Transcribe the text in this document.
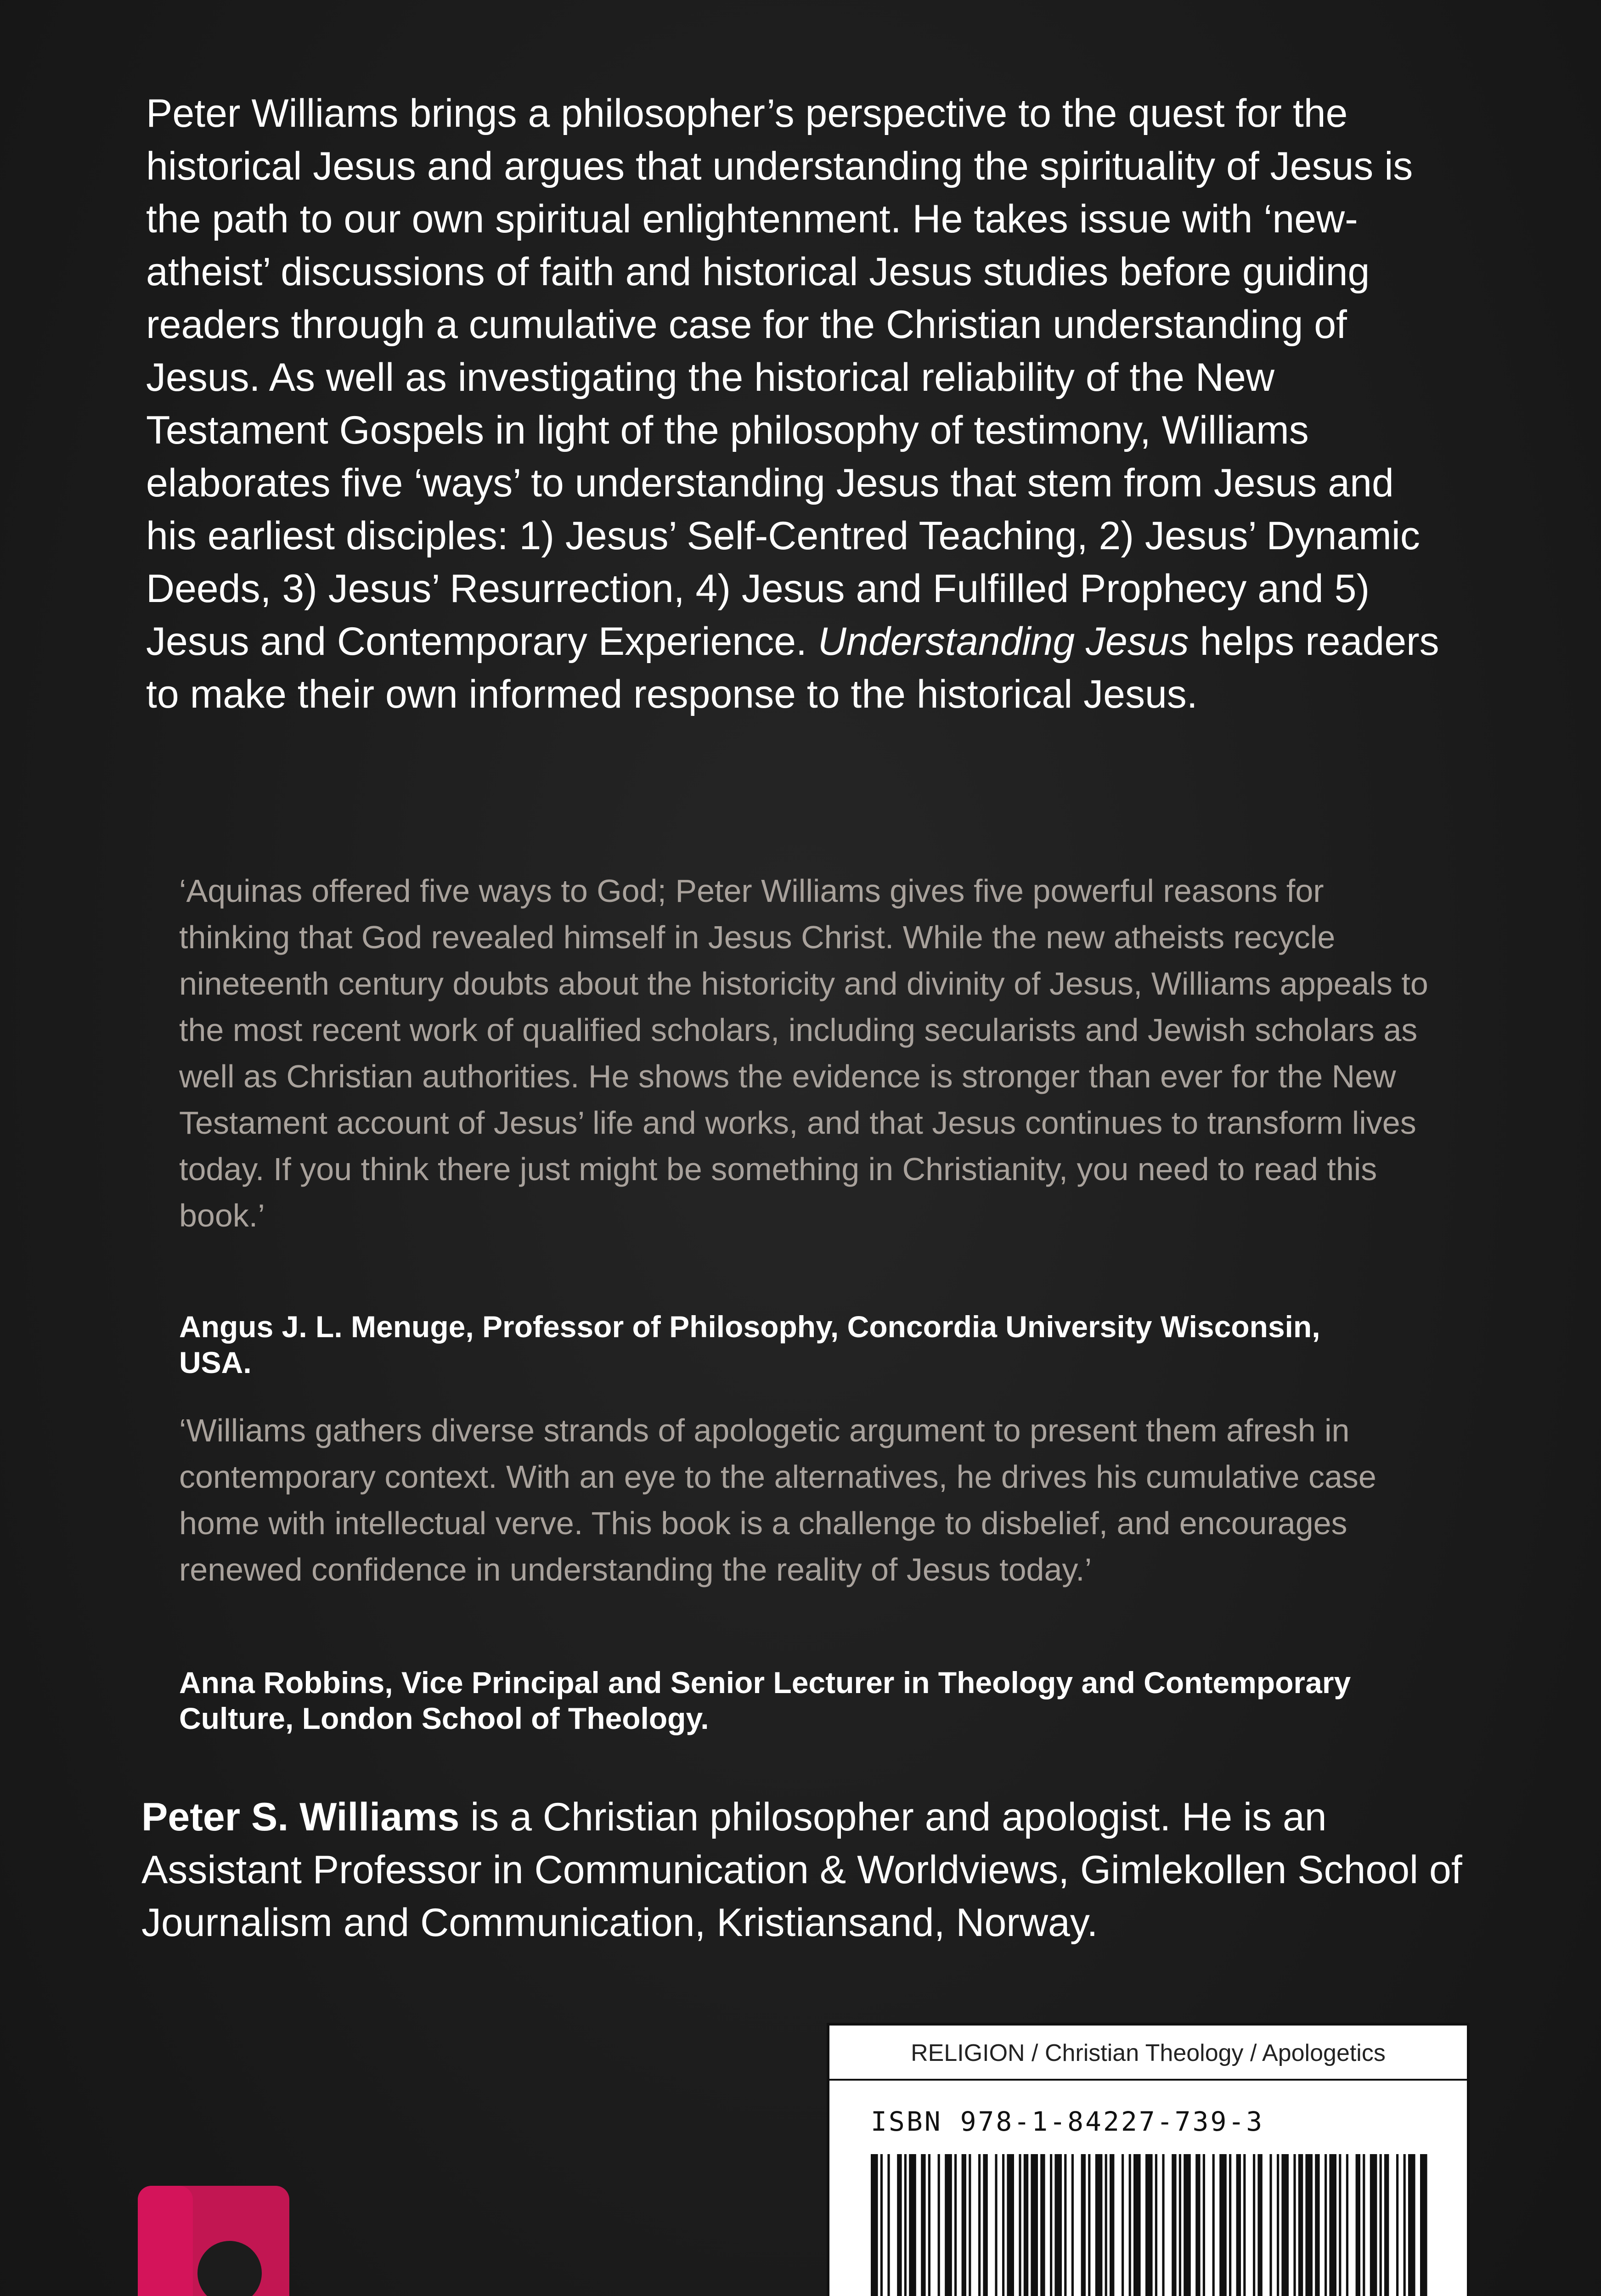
Peter Williams brings a philosopher’s perspective to the quest for the historical Jesus and argues that understanding the spirituality of Jesus is the path to our own spiritual enlightenment. He takes issue with ‘new-atheist’ discussions of faith and historical Jesus studies before guiding readers through a cumulative case for the Christian understanding of Jesus. As well as investigating the historical reliability of the New Testament Gospels in light of the philosophy of testimony, Williams elaborates five ‘ways’ to understanding Jesus that stem from Jesus and his earliest disciples: 1) Jesus’ Self-Centred Teaching, 2) Jesus’ Dynamic Deeds, 3) Jesus’ Resurrection, 4) Jesus and Fulfilled Prophecy and 5) Jesus and Contemporary Experience. Understanding Jesus helps readers to make their own informed response to the historical Jesus.

‘Aquinas offered five ways to God; Peter Williams gives five powerful reasons for thinking that God revealed himself in Jesus Christ. While the new atheists recycle nineteenth century doubts about the historicity and divinity of Jesus, Williams appeals to the most recent work of qualified scholars, including secularists and Jewish scholars as well as Christian authorities. He shows the evidence is stronger than ever for the New Testament account of Jesus’ life and works, and that Jesus continues to transform lives today. If you think there just might be something in Christianity, you need to read this book.’

Angus J. L. Menuge, Professor of Philosophy, Concordia University Wisconsin, USA.

‘Williams gathers diverse strands of apologetic argument to present them afresh in contemporary context. With an eye to the alternatives, he drives his cumulative case home with intellectual verve. This book is a challenge to disbelief, and encourages renewed confidence in understanding the reality of Jesus today.’

Anna Robbins, Vice Principal and Senior Lecturer in Theology and Contemporary Culture, London School of Theology.

Peter S. Williams is a Christian philosopher and apologist. He is an Assistant Professor in Communication & Worldviews, Gimlekollen School of Journalism and Communication, Kristiansand, Norway.

RELIGION / Christian Theology / Apologetics
ISBN 978-1-84227-739-3
